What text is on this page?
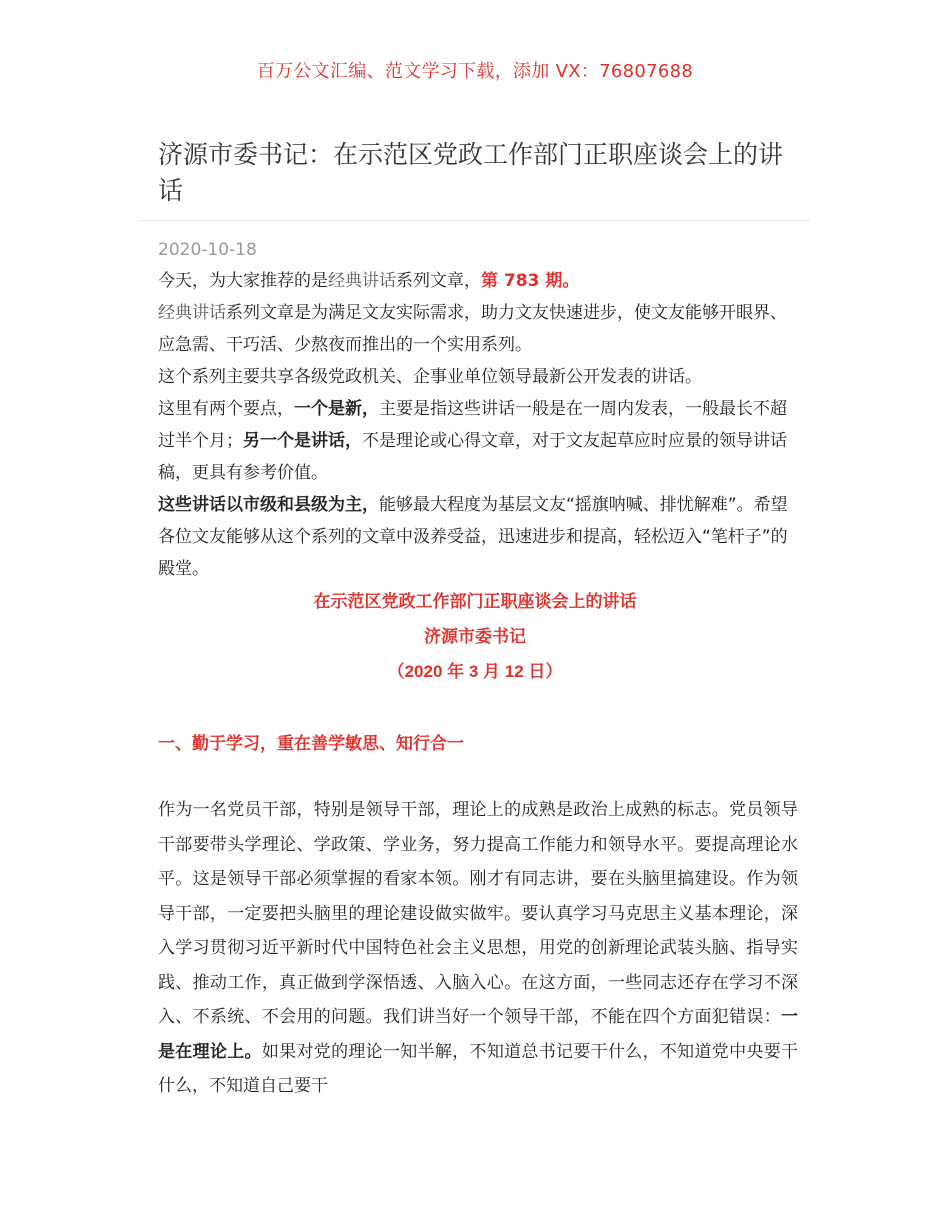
百万公文汇编、范文学习下载，添加 VX：76807688
济源市委书记：在示范区党政工作部门正职座谈会上的讲话
2020-10-18

今天，为大家推荐的是经典讲话系列文章，第 783 期。

经典讲话系列文章是为满足文友实际需求，助力文友快速进步，使文友能够开眼界、应急需、干巧活、少熬夜而推出的一个实用系列。

这个系列主要共享各级党政机关、企事业单位领导最新公开发表的讲话。

这里有两个要点，一个是新，主要是指这些讲话一般是在一周内发表，一般最长不超过半个月；另一个是讲话，不是理论或心得文章，对于文友起草应时应景的领导讲话稿，更具有参考价值。

这些讲话以市级和县级为主，能够最大程度为基层文友“摇旗呐喊、排忧解难”。希望各位文友能够从这个系列的文章中汲养受益，迅速进步和提高，轻松迈入“笔杆子”的殿堂。

在示范区党政工作部门正职座谈会上的讲话
济源市委书记
（2020 年 3 月 12 日）
一、勤于学习，重在善学敏思、知行合一

作为一名党员干部，特别是领导干部，理论上的成熟是政治上成熟的标志。党员领导干部要带头学理论、学政策、学业务，努力提高工作能力和领导水平。要提高理论水平。这是领导干部必须掌握的看家本领。刚才有同志讲，要在头脑里搞建设。作为领导干部，一定要把头脑里的理论建设做实做牢。要认真学习马克思主义基本理论，深入学习贯彻习近平新时代中国特色社会主义思想，用党的创新理论武装头脑、指导实践、推动工作，真正做到学深悟透、入脑入心。在这方面，一些同志还存在学习不深入、不系统、不会用的问题。我们讲当好一个领导干部，不能在四个方面犯错误：一是在理论上。如果对党的理论一知半解，不知道总书记要干什么，不知道党中央要干什么，不知道自己要干
